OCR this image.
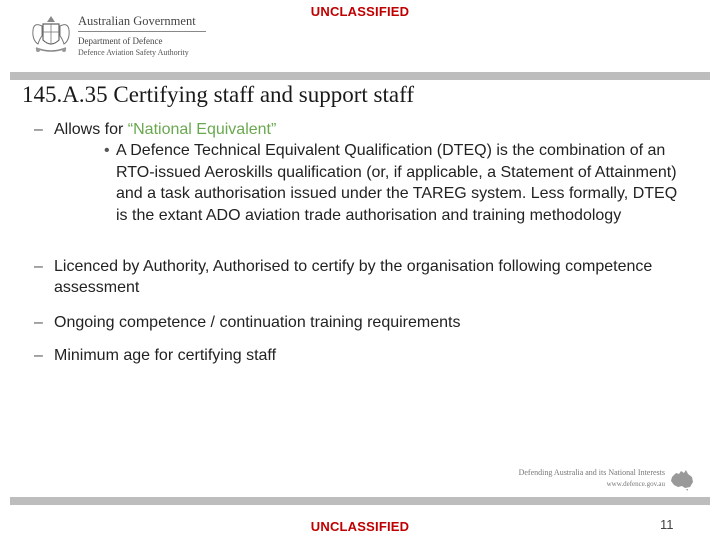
UNCLASSIFIED
Australian Government
Department of Defence
Defence Aviation Safety Authority
145.A.35 Certifying staff and support staff
– Allows for “National Equivalent”
• A Defence Technical Equivalent Qualification (DTEQ) is the combination of an RTO-issued Aeroskills qualification (or, if applicable, a Statement of Attainment) and a task authorisation issued under the TAREG system. Less formally, DTEQ is the extant ADO aviation trade authorisation and training methodology
– Licenced by Authority, Authorised to certify by the organisation following competence assessment
– Ongoing competence / continuation training requirements
– Minimum age for certifying staff
Defending Australia and its National Interests
www.defence.gov.au
UNCLASSIFIED	11
